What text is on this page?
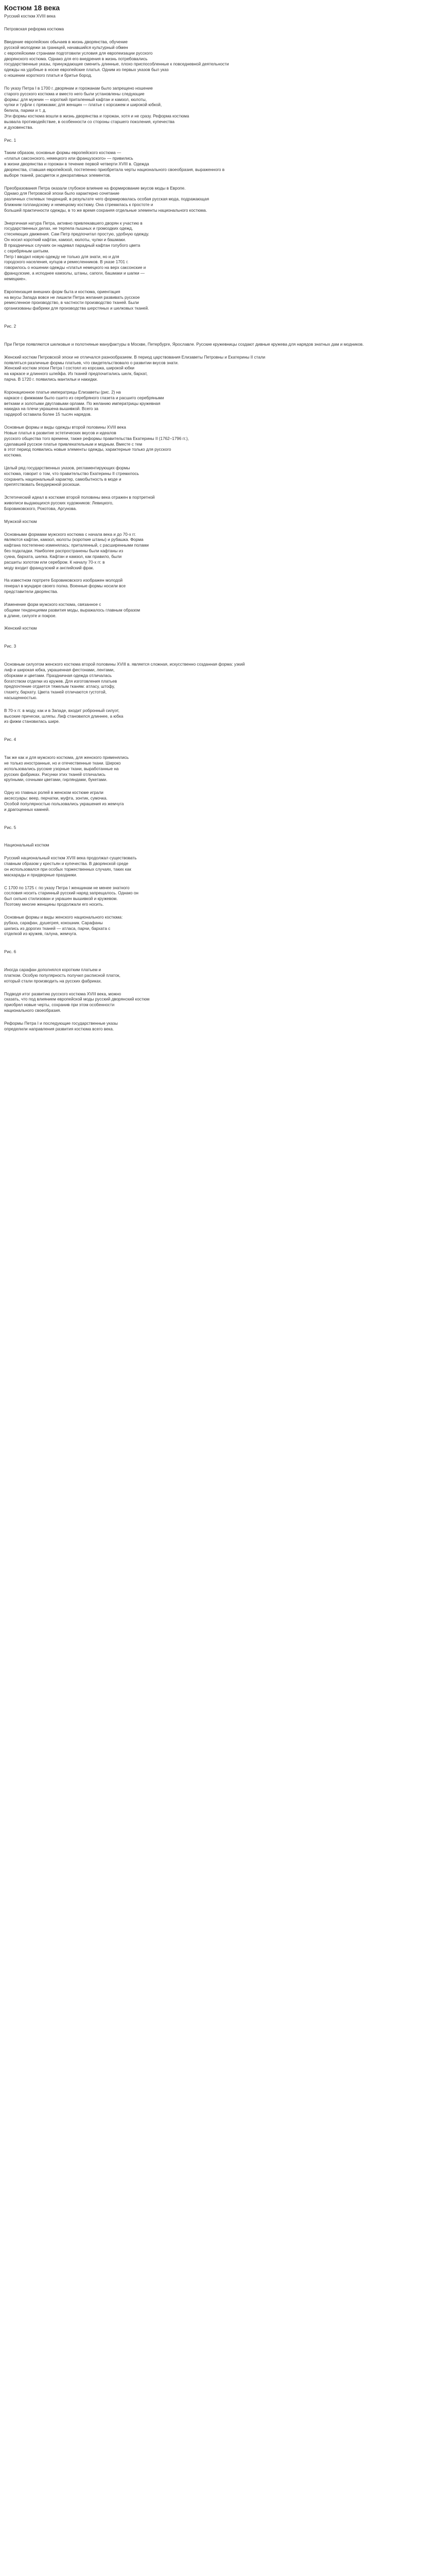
Костюм 18 века
Русский костюм XVIII века
Петровская реформа костюма
Введение европейских обычаев в жизнь дворянства, обучение
русской молодежи за границей, начавшийся культурный обмен
с европейскими странами подготовили условия для европеизации русского
дворянского костюма. Однако для его внедрения в жизнь потребовались
государственные указы, принуждающие сменить длинные, плохо приспособленные к повседневной деятельности
одежды на удобные в носке европейские платья. Одним из первых указов был указ
о ношении короткого платья и бритье бород.
По указу Петра I в 1700 г. дворянам и горожанам было запрещено ношение
старого русского костюма и вместо него были установлены следующие
формы: для мужчин — короткий приталенный кафтан и камзол, кюлоты,
чулки и туфли с пряжками; для женщин — платье с корсажем и широкой юбкой,
белила, парики и т. д.
Эти формы костюма вошли в жизнь дворянства и горожан, хотя и не сразу. Реформа костюма
вызвала противодействие, в особенности со стороны старшего поколения, купечества
и духовенства.
Рис. 1
Таким образом, основные формы европейского костюма —
«платья саксонского, немецкого или французского» — привились
в жизни дворянства и горожан в течение первой четверти XVIII в. Одежда
дворянства, ставшая европейской, постепенно приобретала черты национального своеобразия, выраженного в
выборе тканей, расцветок и декоративных элементов.
Преобразования Петра оказали глубокое влияние на формирование вкусов моды в Европе.
Однако для Петровской эпохи было характерно сочетание
различных стилевых тенденций, в результате чего формировалась особая русская мода, подражающая
ближним голландскому и немецкому костюму. Она стремилась к простоте и
большей практичности одежды, в то же время сохраняя отдельные элементы национального костюма.
Энергичная натура Петра, активно привлекавшего дворян к участию в
государственных делах, не терпела пышных и громоздких одежд,
стесняющих движения. Сам Петр предпочитал простую, удобную одежду.
Он носил короткий кафтан, камзол, кюлоты, чулки и башмаки.
В праздничных случаях он надевал парадный кафтан голубого цвета
с серебряным шитьем.
Петр I вводил новую одежду не только для знати, но и для
городского населения, купцов и ремесленников. В указе 1701 г.
говорилось о ношении одежды «платья немецкого на верх саксонские и
французские, а исподнее камзолы, штаны, сапоги, башмаки и шапки —
немецкие».
Европеизация внешних форм быта и костюма, ориентация
на вкусы Запада вовсе не лишили Петра желания развивать русское
ремесленное производство, в частности производство тканей. Были
организованы фабрики для производства шерстяных и шелковых тканей.
Рис. 2
При Петре появляются шелковые и полотняные мануфактуры в Москве, Петербурге, Ярославле. Русские кружевницы создают дивные кружева для нарядов знатных дам и модников.
Женский костюм Петровской эпохи не отличался разнообразием. В период царствования Елизаветы Петровны и Екатерины II стали
появляться различные формы платьев, что свидетельствовало о развитии вкусов знати.
Женский костюм эпохи Петра I состоял из корсажа, широкой юбки
на каркасе и длинного шлейфа. Из тканей предпочитались шелк, бархат,
парча. В 1720 г. появились мантильи и накидки.
Коронационное платье императрицы Елизаветы (рис. 2) на
каркасе с фижмами было сшито из серебряного глазета и расшито серебряными
ветками и золотыми двуглавыми орлами. По желанию императрицы кружевная
накидка на плечи украшена вышивкой. Всего за
гардероб оставила более 15 тысяч нарядов.
Основные формы и виды одежды второй половины XVIII века
Новые платья в развитие эстетических вкусов и идеалов
русского общества того времени, также реформы правительства Екатерины II (1762–1796 гг.),
сделавшей русское платье привлекательным и модным. Вместе с тем
в этот период появились новые элементы одежды, характерные только для русского
костюма.
Целый ряд государственных указов, регламентирующих формы
костюма, говорит о том, что правительство Екатерины II стремилось
сохранить национальный характер, самобытность в моде и
препятствовать безудержной роскоши.
Эстетический идеал в костюме второй половины века отражен в портретной
живописи выдающихся русских художников: Левицкого,
Боровиковского, Рокотова, Аргунова.
Мужской костюм
Основными формами мужского костюма с начала века и до 70-х гг.
являются кафтан, камзол, кюлоты (короткие штаны) и рубашка. Форма
кафтана постепенно изменялась: приталенный, с расширенными полами
без подкладки. Наиболее распространены были кафтаны из
сукна, бархата, шелка. Кафтан и камзол, как правило, были
расшиты золотом или серебром. К началу 70-х гг. в
моду входит французский и английский фрак.
На известном портрете Боровиковского изображен молодой
генерал в мундире своего полка. Военные формы носили все
представители дворянства.
Изменение форм мужского костюма, связанное с
общими тенденциями развития моды, выражалось главным образом
в длине, силуэте и покрое.
Женский костюм
Рис. 3
Основным силуэтом женского костюма второй половины XVIII в. является сложная, искусственно созданная форма: узкий
лиф и широкая юбка, украшенная фестонами, лентами,
оборками и цветами. Праздничная одежда отличалась
богатством отделки из кружев. Для изготовления платьев
предпочтение отдается тяжелым тканям: атласу, штофу,
глазету, бархату. Цвета тканей отличаются густотой,
насыщенностью.
В 70-х гг. в моду, как и в Западе, входит робронный силуэт,
высокие прически, шляпы. Лиф становился длиннее, а юбка
из фижм становилась шире.
Рис. 4
Так же как и для мужского костюма, для женского применялись
не только иностранные, но и отечественные ткани. Широко
использовались русские узорные ткани, выработанные на
русских фабриках. Рисунки этих тканей отличались
крупными, сочными цветами, гирляндами, букетами.
Одну из главных ролей в женском костюме играли
аксессуары: веер, перчатки, муфта, зонтик, сумочка.
Особой популярностью пользовались украшения из жемчуга
и драгоценных камней.
Рис. 5
Национальный костюм
Русский национальный костюм XVIII века продолжал существовать
главным образом у крестьян и купечества. В дворянской среде
он использовался при особых торжественных случаях, таких как
маскарады и придворные праздники.
С 1700 по 1725 г. по указу Петра I женщинам не менее знатного
сословия носить старинный русский наряд запрещалось. Однако он
был сильно стилизован и украшен вышивкой и кружевом.
Поэтому многие женщины продолжали его носить.
Основные формы и виды женского национального костюма:
рубаха, сарафан, душегрея, кокошник. Сарафаны
шились из дорогих тканей — атласа, парчи, бархата с
отделкой из кружев, галуна, жемчуга.
Рис. 6
Иногда сарафан дополнялся коротким платьем и
платком. Особую популярность получил расписной платок,
который стали производить на русских фабриках.
Подводя итог развитию русского костюма XVIII века, можно
сказать, что под влиянием европейской моды русский дворянский костюм
приобрел новые черты, сохранив при этом особенности
национального своеобразия.
Реформы Петра I и последующие государственные указы
определили направления развития костюма всего века.
